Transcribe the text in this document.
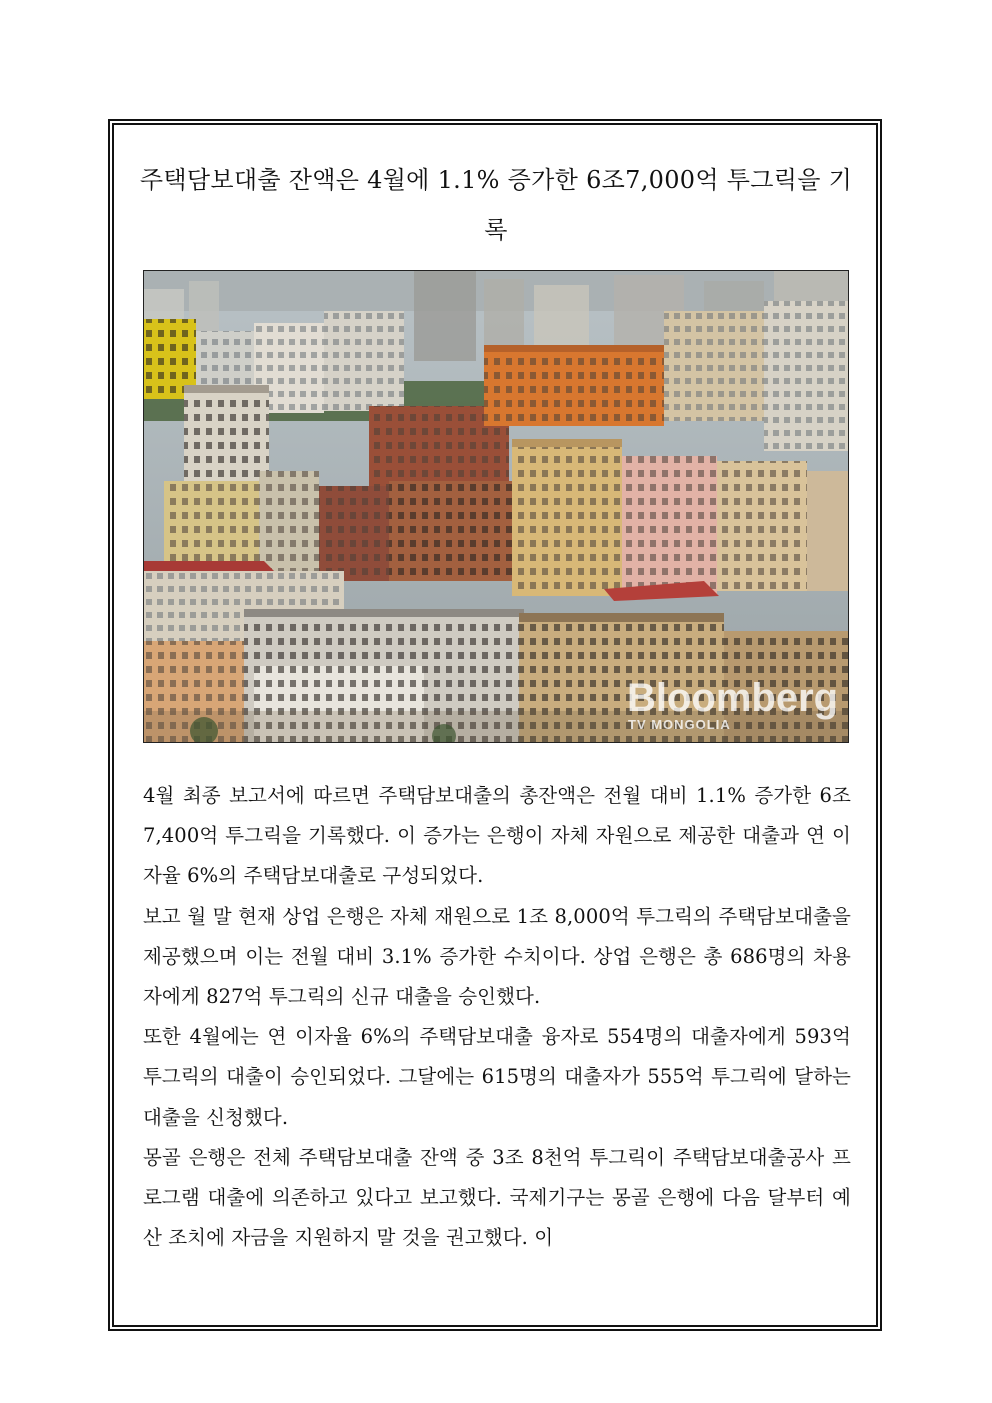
주택담보대출 잔액은 4월에 1.1% 증가한 6조7,000억 투그릭을 기록
Bloomberg
TV MONGOLIA

4월 최종 보고서에 따르면 주택담보대출의 총잔액은 전월 대비 1.1% 증가한 6조 7,400억 투그릭을 기록했다. 이 증가는 은행이 자체 자원으로 제공한 대출과 연 이자율 6%의 주택담보대출로 구성되었다.

보고 월 말 현재 상업 은행은 자체 재원으로 1조 8,000억 투그릭의 주택담보대출을 제공했으며 이는 전월 대비 3.1% 증가한 수치이다. 상업 은행은 총 686명의 차용자에게 827억 투그릭의 신규 대출을 승인했다.

또한 4월에는 연 이자율 6%의 주택담보대출 융자로 554명의 대출자에게 593억 투그릭의 대출이 승인되었다. 그달에는 615명의 대출자가 555억 투그릭에 달하는 대출을 신청했다.

몽골 은행은 전체 주택담보대출 잔액 중 3조 8천억 투그릭이 주택담보대출공사 프로그램 대출에 의존하고 있다고 보고했다. 국제기구는 몽골 은행에 다음 달부터 예산 조치에 자금을 지원하지 말 것을 권고했다. 이
